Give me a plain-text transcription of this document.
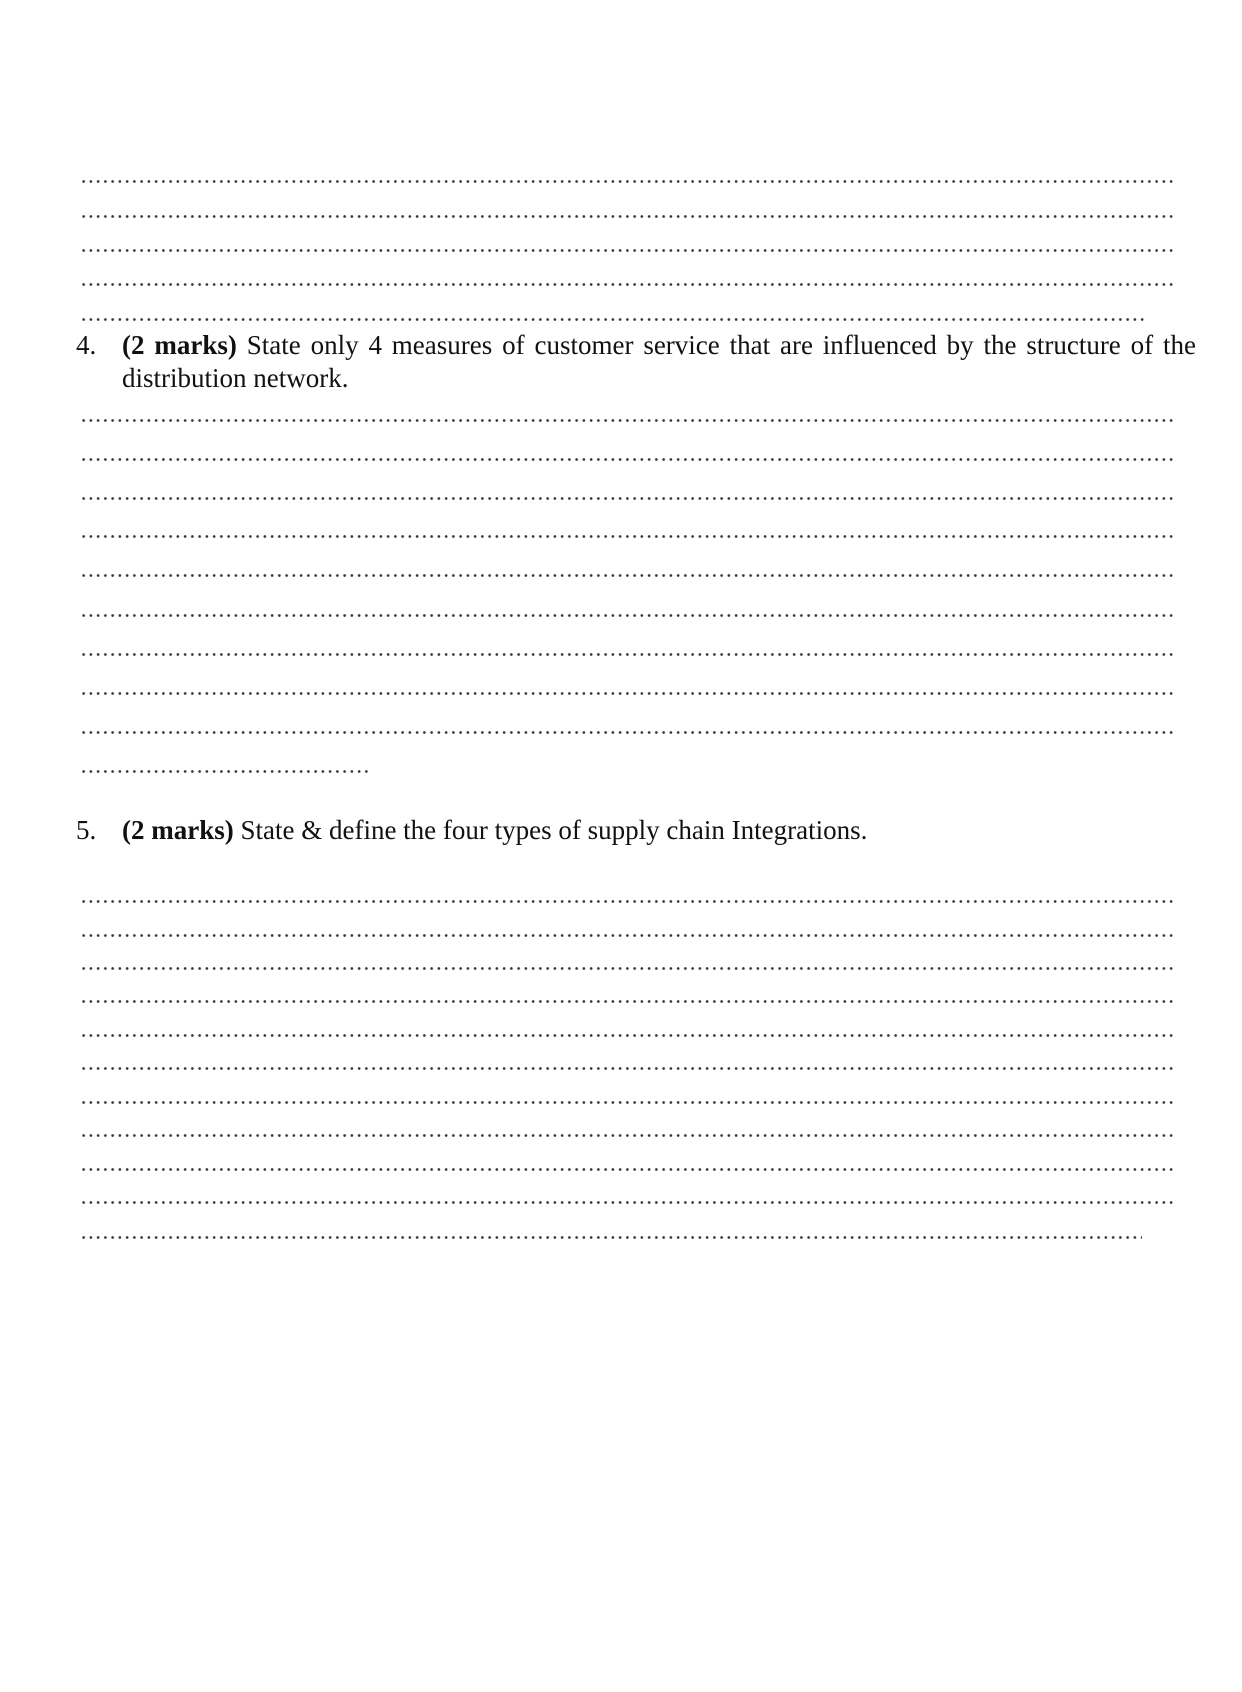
4. (2 marks) State only 4 measures of customer service that are influenced by the structure of the distribution network.
5. (2 marks) State & define the four types of supply chain Integrations.
